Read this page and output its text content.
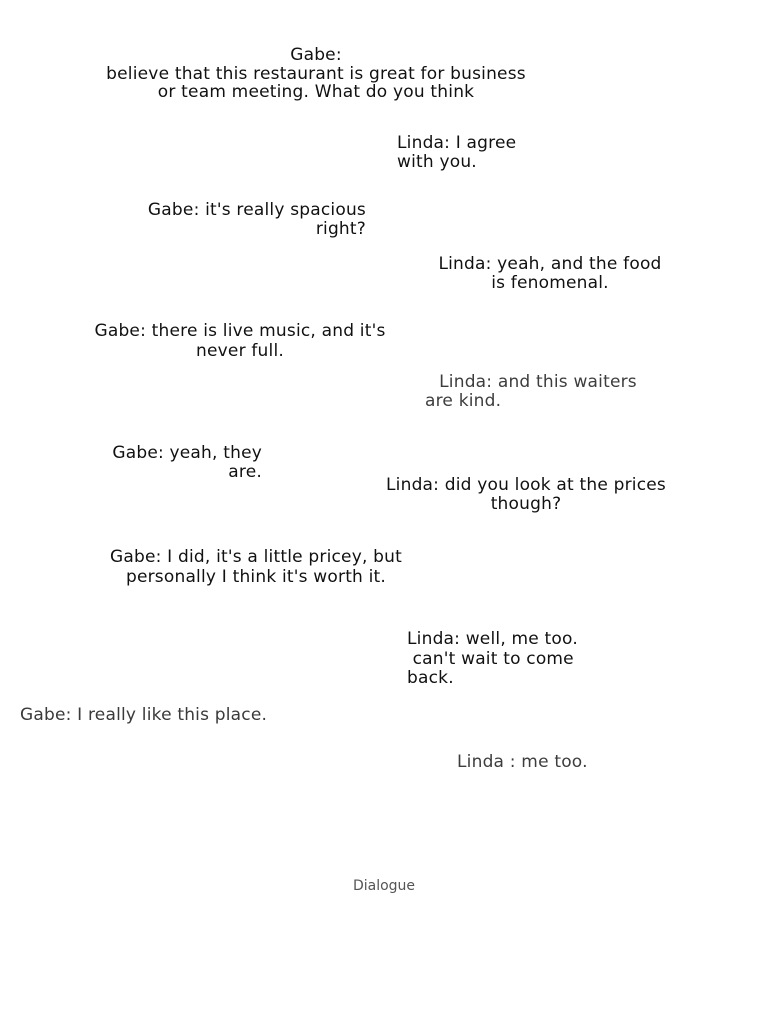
Gabe:
believe that this restaurant is great for business
or team meeting. What do you think
Linda: I agree
with you.
Gabe: it's really spacious
right?
Linda: yeah, and the food
is fenomenal.
Gabe: there is live music, and it's
never full.
Linda: and this waiters
are kind.
Gabe: yeah, they
are.
Linda: did you look at the prices
though?
Gabe: I did, it's a little pricey, but
personally I think it's worth it.
Linda: well, me too.
can't wait to come
back.
Gabe: I really like this place.
Linda : me too.
Dialogue
